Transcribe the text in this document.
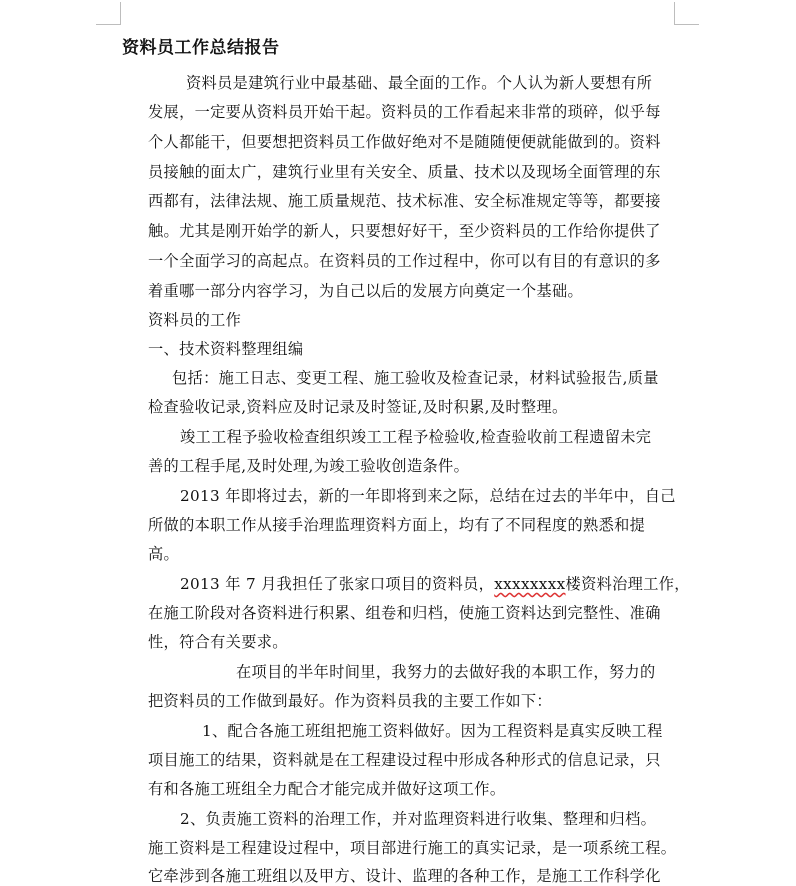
资料员工作总结报告
资料员是建筑行业中最基础、最全面的工作。个人认为新人要想有所
发展，一定要从资料员开始干起。资料员的工作看起来非常的琐碎，似乎每
个人都能干，但要想把资料员工作做好绝对不是随随便便就能做到的。资料
员接触的面太广，建筑行业里有关安全、质量、技术以及现场全面管理的东
西都有，法律法规、施工质量规范、技术标准、安全标准规定等等，都要接
触。尤其是刚开始学的新人，只要想好好干，至少资料员的工作给你提供了
一个全面学习的高起点。在资料员的工作过程中，你可以有目的有意识的多
着重哪一部分内容学习，为自己以后的发展方向奠定一个基础。
资料员的工作
一、技术资料整理组编
包括：施工日志、变更工程、施工验收及检查记录，材料试验报告,质量
检查验收记录,资料应及时记录及时签证,及时积累,及时整理。
竣工工程予验收检查组织竣工工程予检验收,检查验收前工程遗留未完
善的工程手尾,及时处理,为竣工验收创造条件。
2013 年即将过去，新的一年即将到来之际，总结在过去的半年中，自己
所做的本职工作从接手治理监理资料方面上，均有了不同程度的熟悉和提
高。
2013 年 7 月我担任了张家口项目的资料员，xxxxxxxx楼资料治理工作，
在施工阶段对各资料进行积累、组卷和归档，使施工资料达到完整性、准确
性，符合有关要求。
在项目的半年时间里，我努力的去做好我的本职工作，努力的
把资料员的工作做到最好。作为资料员我的主要工作如下：
1、配合各施工班组把施工资料做好。因为工程资料是真实反映工程
项目施工的结果，资料就是在工程建设过程中形成各种形式的信息记录，只
有和各施工班组全力配合才能完成并做好这项工作。
2、负责施工资料的治理工作，并对监理资料进行收集、整理和归档。
施工资料是工程建设过程中，项目部进行施工的真实记录，是一项系统工程。
它牵涉到各施工班组以及甲方、设计、监理的各种工作，是施工工作科学化
